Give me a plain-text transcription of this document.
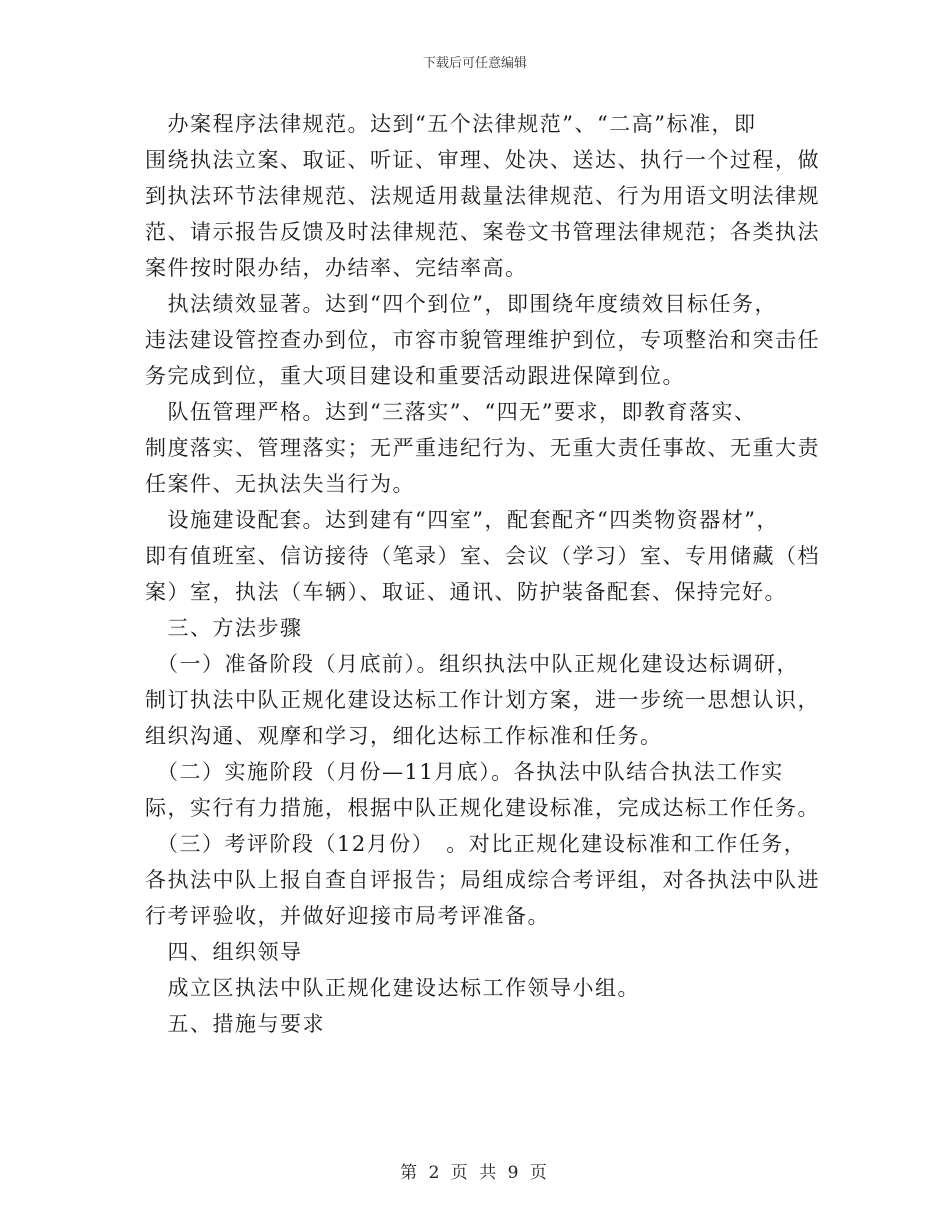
下载后可任意编辑
　办案程序法律规范。达到“五个法律规范”、“二高”标准，即
围绕执法立案、取证、听证、审理、处决、送达、执行一个过程，做
到执法环节法律规范、法规适用裁量法律规范、行为用语文明法律规
范、请示报告反馈及时法律规范、案卷文书管理法律规范；各类执法
案件按时限办结，办结率、完结率高。
　执法绩效显著。达到“四个到位”，即围绕年度绩效目标任务，
违法建设管控查办到位，市容市貌管理维护到位，专项整治和突击任
务完成到位，重大项目建设和重要活动跟进保障到位。
　队伍管理严格。达到“三落实”、“四无”要求，即教育落实、
制度落实、管理落实；无严重违纪行为、无重大责任事故、无重大责
任案件、无执法失当行为。
　设施建设配套。达到建有“四室”，配套配齐“四类物资器材”，
即有值班室、信访接待（笔录）室、会议（学习）室、专用储藏（档
案）室，执法（车辆）、取证、通讯、防护装备配套、保持完好。
　三、方法步骤
　（一）准备阶段（月底前）。组织执法中队正规化建设达标调研，
制订执法中队正规化建设达标工作计划方案，进一步统一思想认识，
组织沟通、观摩和学习，细化达标工作标准和任务。
　（二）实施阶段（月份—11月底）。各执法中队结合执法工作实
际，实行有力措施，根据中队正规化建设标准，完成达标工作任务。
　（三）考评阶段（12月份）　。对比正规化建设标准和工作任务，
各执法中队上报自查自评报告；局组成综合考评组，对各执法中队进
行考评验收，并做好迎接市局考评准备。
　四、组织领导
　成立区执法中队正规化建设达标工作领导小组。
　五、措施与要求
第 2 页 共 9 页
